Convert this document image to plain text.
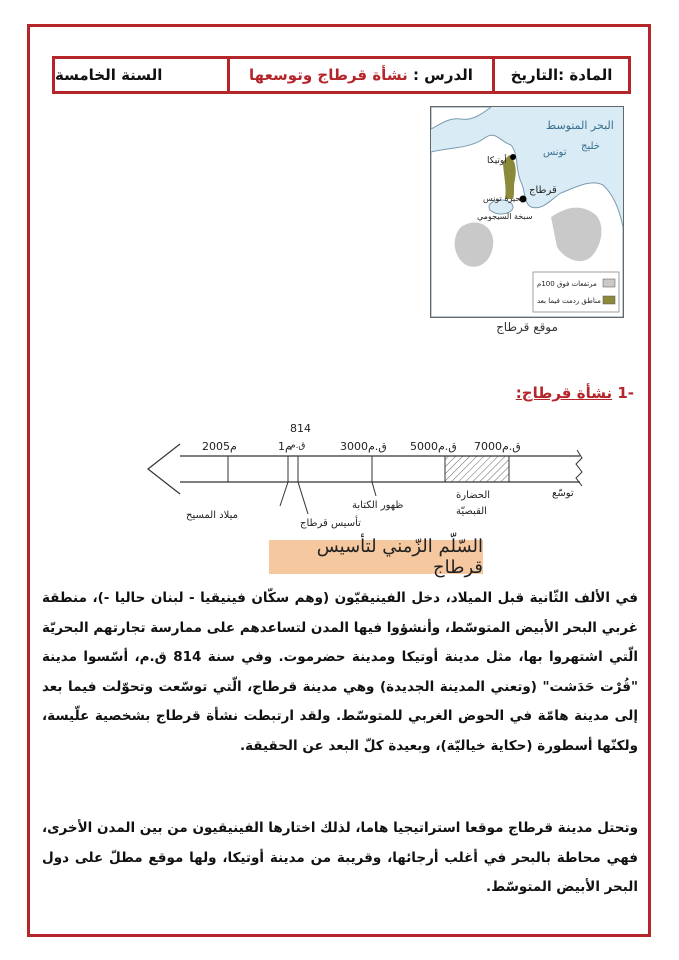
المادة :التاريخ
الدرس :

نشأة قرطاج وتوسعها
السنة الخامسة
البحر المتوسط
خليج
تونس
أوتيكا
قرطاج
بحيرة تونس
سبخة السيجومي
مرتفعات فوق 100م
مناطق ردمت فيما بعد
موقع قرطاج
-1 نشأة قرطاج:
2005م	1م
814
ق.م	3000ق.م 5000ق.م 7000ق.م
توسّع
ميلاد المسيح
تأسيس قرطاج
ظهور الكتابة
الحضارة
القبصيّة
السّلّم الزّمني لتأسيس قرطاج
في الألف الثّانية قبل الميلاد، دخل الفينيقيّون (وهم سكّان فينيقيا - لبنان حاليا -)، منطقة غربي البحر الأبيض المتوسّط، وأنشؤوا فيها المدن لتساعدهم على ممارسة تجارتهم البحريّة الّتي اشتهروا بها، مثل مدينة أوتيكا ومدينة حضرموت. وفي سنة 814 ق.م، أسّسوا مدينة "قُرْت حَدَشت" (وتعني المدينة الجديدة) وهي مدينة قرطاج، الّتي توسّعت وتحوّلت فيما بعد إلى مدينة هامّة في الحوض الغربي للمتوسّط. ولقد ارتبطت نشأة قرطاج بشخصية علّيسة، ولكنّها أسطورة (حكاية خياليّة)، وبعيدة كلّ البعد عن الحقيقة.
وتحتل مدينة قرطاج موقعا استراتيجيا هاما، لذلك اختارها الفينيقيون من بين المدن الأخرى، فهي محاطة بالبحر في أغلب أرجائها، وقريبة من مدينة أوتيكا، ولها موقع مطلّ على دول البحر الأبيض المتوسّط.
